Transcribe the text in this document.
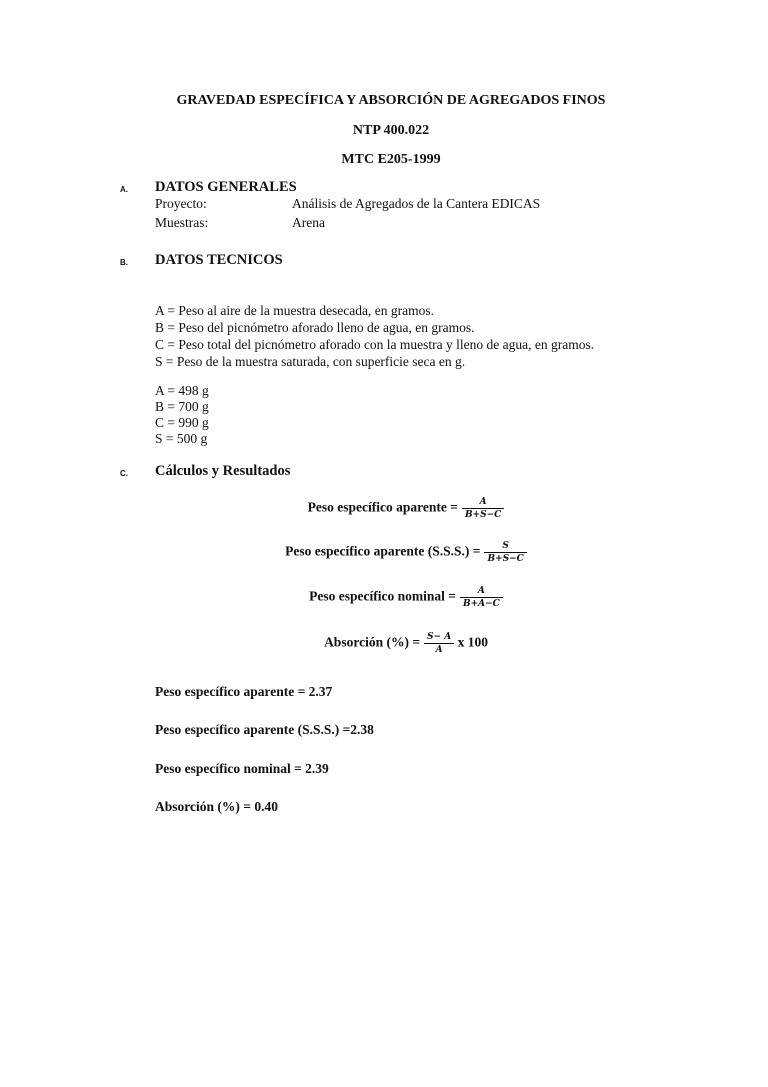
GRAVEDAD ESPECÍFICA Y ABSORCIÓN DE AGREGADOS FINOS
NTP 400.022
MTC E205-1999
A. DATOS GENERALES
Proyecto:	Análisis de Agregados de la Cantera EDICAS
Muestras:	Arena
B. DATOS TECNICOS
A = Peso al aire de la muestra desecada, en gramos.
B = Peso del picnómetro aforado lleno de agua, en gramos.
C = Peso total del picnómetro aforado con la muestra y lleno de agua, en gramos.
S = Peso de la muestra saturada, con superficie seca en g.
A = 498 g
B = 700 g
C = 990 g
S = 500 g
C. Cálculos y Resultados
Peso específico aparente = $\frac{A}{B+S-C}$
Peso específico aparente $(S.S.S.) = \frac{S}{B+S-C}$
Peso específico nominal = $\frac{A}{B+A-C}$
Absorción (%) = $\frac{S- A}{A}$ x 100
Peso específico aparente = 2.37
Peso específico aparente (S.S.S.) =2.38
Peso específico nominal = 2.39
Absorción (%) = 0.40
